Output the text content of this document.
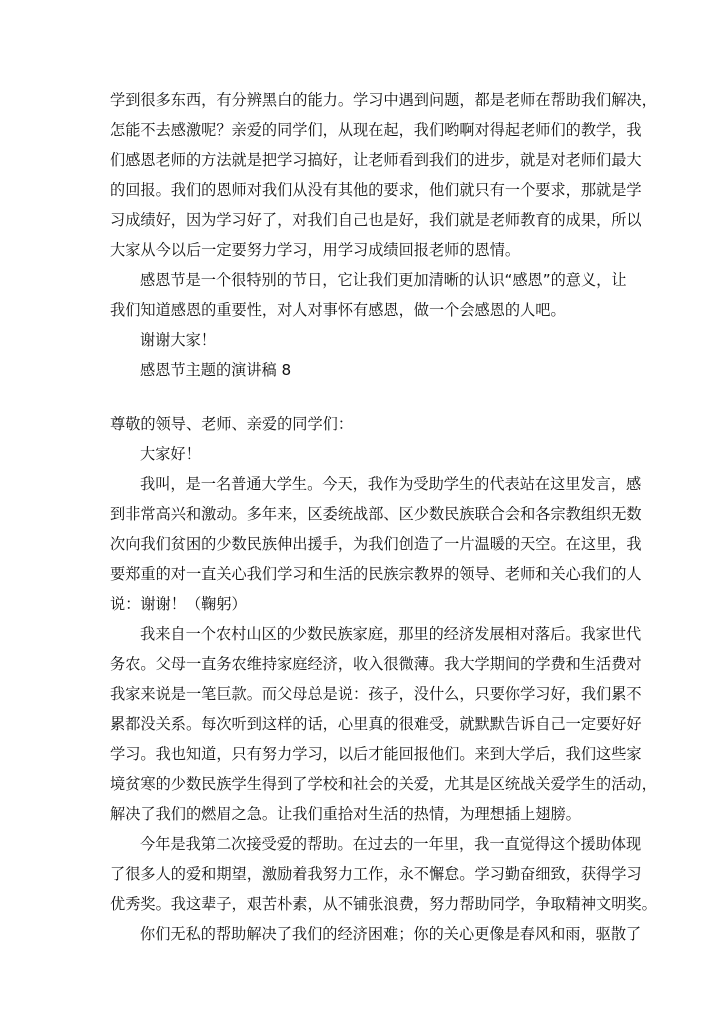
学到很多东西，有分辨黑白的能力。学习中遇到问题，都是老师在帮助我们解决，
怎能不去感激呢？亲爱的同学们，从现在起，我们哟啊对得起老师们的教学，我
们感恩老师的方法就是把学习搞好，让老师看到我们的进步，就是对老师们最大
的回报。我们的恩师对我们从没有其他的要求，他们就只有一个要求，那就是学
习成绩好，因为学习好了，对我们自己也是好，我们就是老师教育的成果，所以
大家从今以后一定要努力学习，用学习成绩回报老师的恩情。
感恩节是一个很特别的节日，它让我们更加清晰的认识“感恩”的意义，让
我们知道感恩的重要性，对人对事怀有感恩，做一个会感恩的人吧。
谢谢大家！
感恩节主题的演讲稿 8
尊敬的领导、老师、亲爱的同学们：
大家好！
我叫，是一名普通大学生。今天，我作为受助学生的代表站在这里发言，感
到非常高兴和激动。多年来，区委统战部、区少数民族联合会和各宗教组织无数
次向我们贫困的少数民族伸出援手，为我们创造了一片温暖的天空。在这里，我
要郑重的对一直关心我们学习和生活的民族宗教界的领导、老师和关心我们的人
说：谢谢！（鞠躬）
我来自一个农村山区的少数民族家庭，那里的经济发展相对落后。我家世代
务农。父母一直务农维持家庭经济，收入很微薄。我大学期间的学费和生活费对
我家来说是一笔巨款。而父母总是说：孩子，没什么，只要你学习好，我们累不
累都没关系。每次听到这样的话，心里真的很难受，就默默告诉自己一定要好好
学习。我也知道，只有努力学习，以后才能回报他们。来到大学后，我们这些家
境贫寒的少数民族学生得到了学校和社会的关爱，尤其是区统战关爱学生的活动，
解决了我们的燃眉之急。让我们重拾对生活的热情，为理想插上翅膀。
今年是我第二次接受爱的帮助。在过去的一年里，我一直觉得这个援助体现
了很多人的爱和期望，激励着我努力工作，永不懈怠。学习勤奋细致，获得学习
优秀奖。我这辈子，艰苦朴素，从不铺张浪费，努力帮助同学，争取精神文明奖。
你们无私的帮助解决了我们的经济困难；你的关心更像是春风和雨，驱散了
